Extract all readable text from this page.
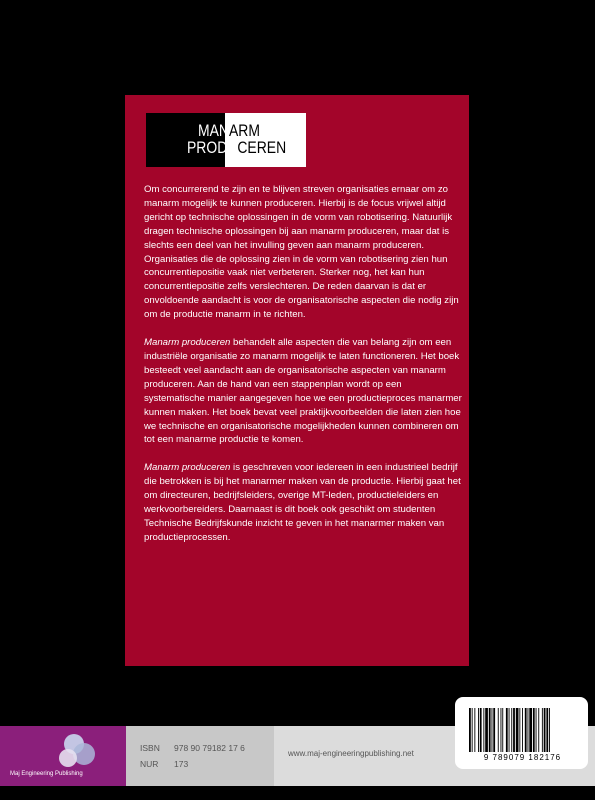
MANARM
PRODUCEREN

Om concurrerend te zijn en te blijven streven organisaties ernaar om zo manarm mogelijk te kunnen produceren. Hierbij is de focus vrijwel altijd gericht op technische oplossingen in de vorm van robotisering. Natuurlijk dragen technische oplossingen bij aan manarm produceren, maar dat is slechts een deel van het invulling geven aan manarm produceren. Organisaties die de oplossing zien in de vorm van robotisering zien hun concurrentiepositie vaak niet verbeteren. Sterker nog, het kan hun concurrentiepositie zelfs verslechteren. De reden daarvan is dat er onvoldoende aandacht is voor de organisatorische aspecten die nodig zijn om de productie manarm in te richten.

Manarm produceren behandelt alle aspecten die van belang zijn om een industriële organisatie zo manarm mogelijk te laten functioneren. Het boek besteedt veel aandacht aan de organisatorische aspecten van manarm produceren. Aan de hand van een stappenplan wordt op een systematische manier aangegeven hoe we een productieproces manarmer kunnen maken. Het boek bevat veel praktijkvoorbeelden die laten zien hoe we technische en organisatorische mogelijkheden kunnen combineren om tot een manarme productie te komen.

Manarm produceren is geschreven voor iedereen in een industrieel bedrijf die betrokken is bij het manarmer maken van de productie. Hierbij gaat het om directeuren, bedrijfsleiders, overige MT-leden, productieleiders en werkvoorbereiders. Daarnaast is dit boek ook geschikt om studenten Technische Bedrijfskunde inzicht te geven in het manarmer maken van productieprocessen.

Maj Engineering Publishing
ISBN 978 90 79182 17 6
NUR 173
www.maj-engineeringpublishing.net	9 789079 182176
